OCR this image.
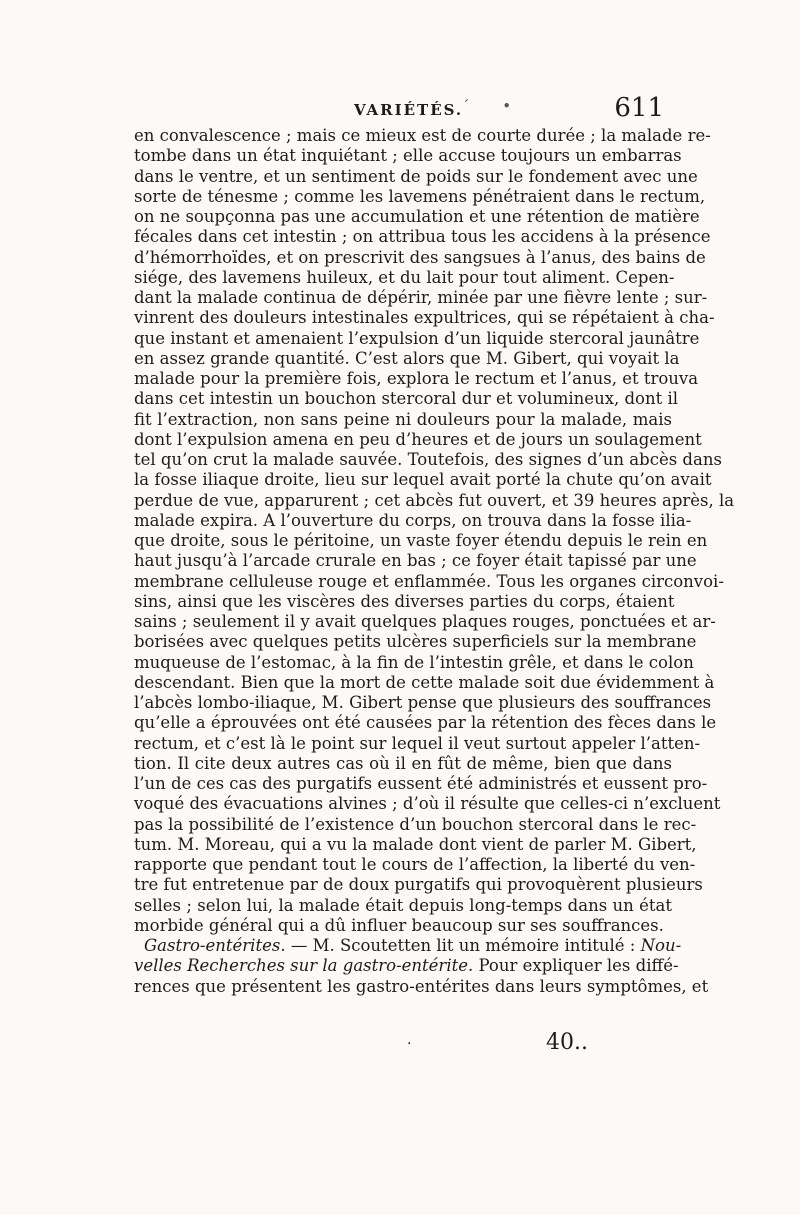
VARIÉTÉS.
´ •	611
en convalescence ; mais ce mieux est de courte durée ; la malade re-
tombe dans un état inquiétant ; elle accuse toujours un embarras
dans le ventre, et un sentiment de poids sur le fondement avec une
sorte de ténesme ; comme les lavemens pénétraient dans le rectum,
on ne soupçonna pas une accumulation et une rétention de matière
fécales dans cet intestin ; on attribua tous les accidens à la présence
d’hémorrhoïdes, et on prescrivit des sangsues à l’anus, des bains de
siége, des lavemens huileux, et du lait pour tout aliment. Cepen-
dant la malade continua de dépérir, minée par une fièvre lente ; sur-
vinrent des douleurs intestinales expultrices, qui se répétaient à cha-
que instant et amenaient l’expulsion d’un liquide stercoral jaunâtre
en assez grande quantité. C’est alors que M. Gibert, qui voyait la
malade pour la première fois, explora le rectum et l’anus, et trouva
dans cet intestin un bouchon stercoral dur et volumineux, dont il
fit l’extraction, non sans peine ni douleurs pour la malade, mais
dont l’expulsion amena en peu d’heures et de jours un soulagement
tel qu’on crut la malade sauvée. Toutefois, des signes d’un abcès dans
la fosse iliaque droite, lieu sur lequel avait porté la chute qu’on avait
perdue de vue, apparurent ; cet abcès fut ouvert, et 39 heures après, la
malade expira. A l’ouverture du corps, on trouva dans la fosse ilia-
que droite, sous le péritoine, un vaste foyer étendu depuis le rein en
haut jusqu’à l’arcade crurale en bas ; ce foyer était tapissé par une
membrane celluleuse rouge et enflammée. Tous les organes circonvoi-
sins, ainsi que les viscères des diverses parties du corps, étaient
sains ; seulement il y avait quelques plaques rouges, ponctuées et ar-
borisées avec quelques petits ulcères superficiels sur la membrane
muqueuse de l’estomac, à la fin de l’intestin grêle, et dans le colon
descendant. Bien que la mort de cette malade soit due évidemment à
l’abcès lombo-iliaque, M. Gibert pense que plusieurs des souffrances
qu’elle a éprouvées ont été causées par la rétention des fèces dans le
rectum, et c’est là le point sur lequel il veut surtout appeler l’atten-
tion. Il cite deux autres cas où il en fût de même, bien que dans
l’un de ces cas des purgatifs eussent été administrés et eussent pro-
voqué des évacuations alvines ; d’où il résulte que celles-ci n’excluent
pas la possibilité de l’existence d’un bouchon stercoral dans le rec-
tum. M. Moreau, qui a vu la malade dont vient de parler M. Gibert,
rapporte que pendant tout le cours de l’affection, la liberté du ven-
tre fut entretenue par de doux purgatifs qui provoquèrent plusieurs
selles ; selon lui, la malade était depuis long-temps dans un état
morbide général qui a dû influer beaucoup sur ses souffrances.
Gastro-entérites. — M. Scoutetten lit un mémoire intitulé : Nou-
velles Recherches sur la gastro-entérite. Pour expliquer les diffé-
rences que présentent les gastro-entérites dans leurs symptômes, et
·	40..
